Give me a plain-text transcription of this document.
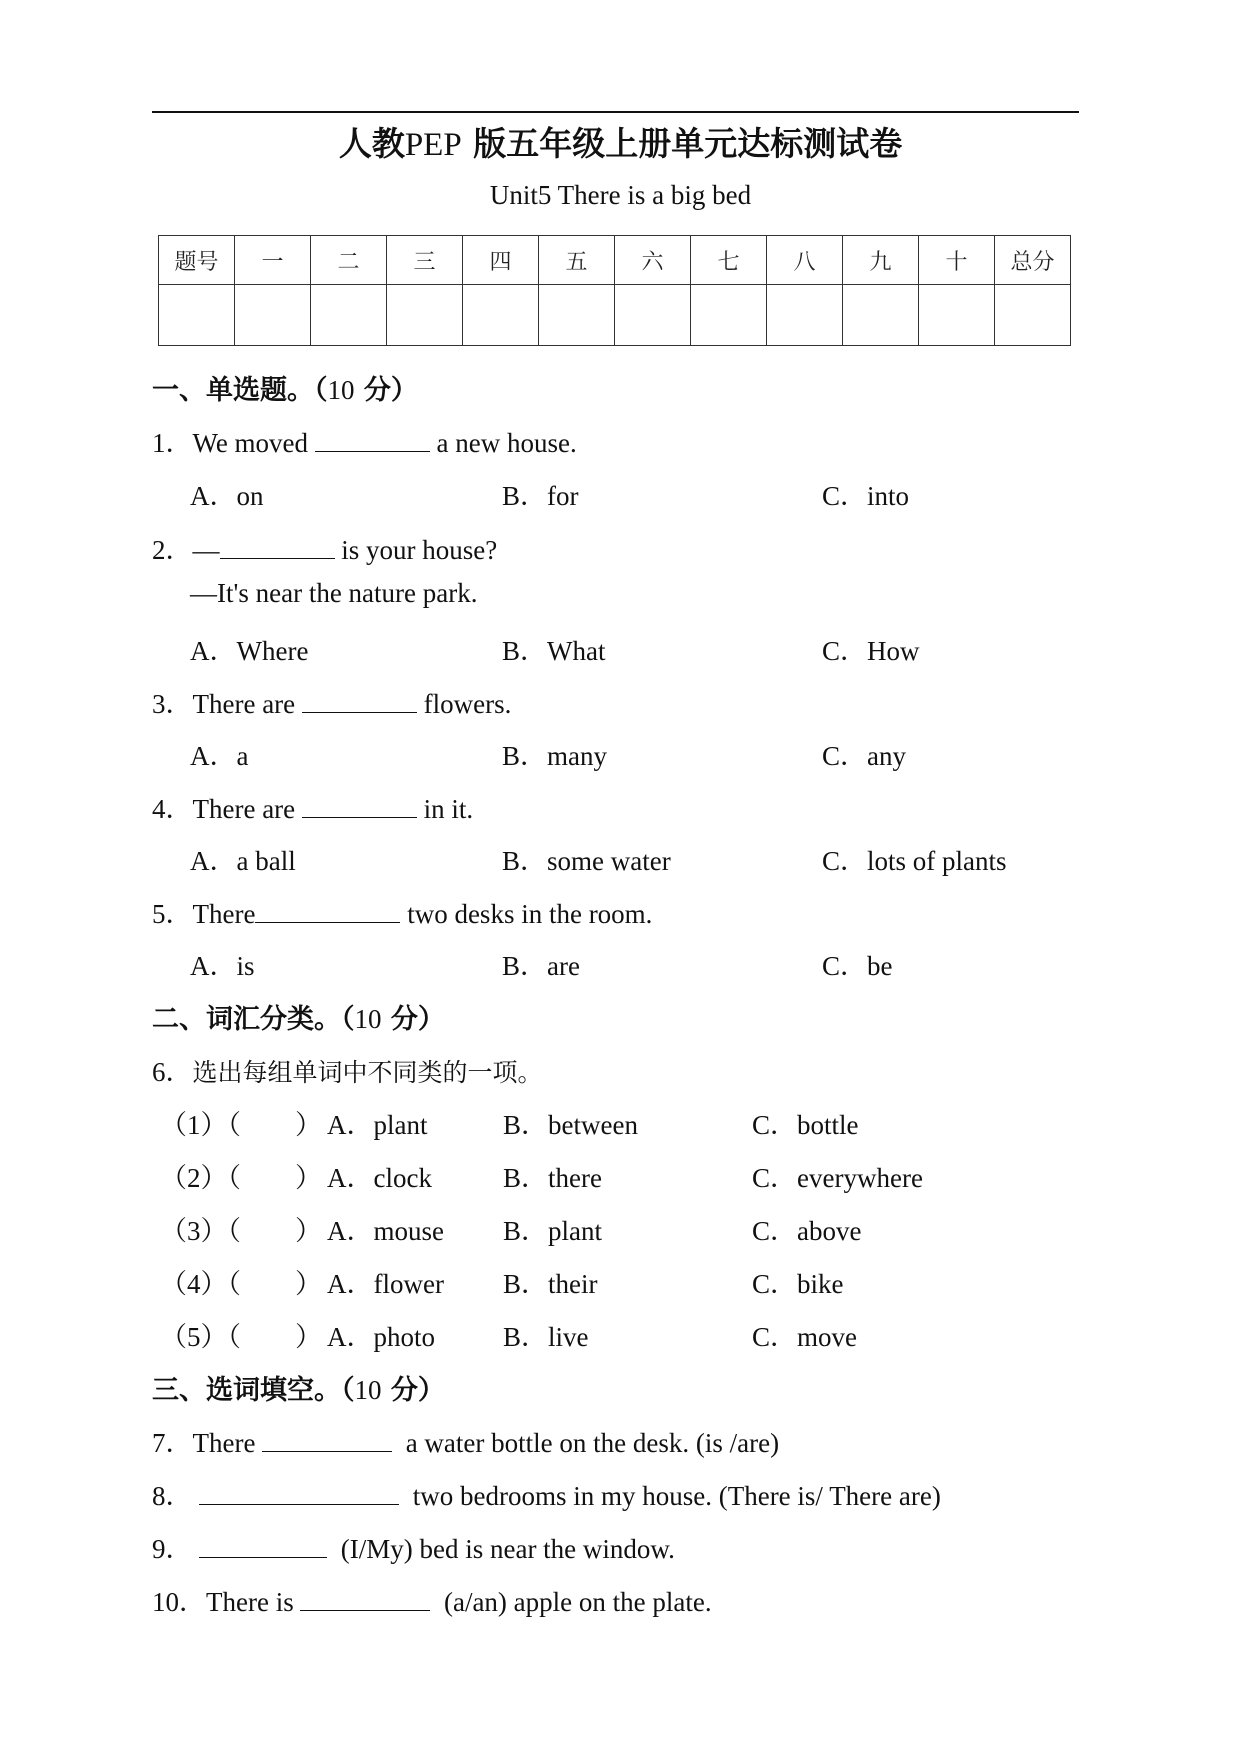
人教PEP 版五年级上册单元达标测试卷
Unit5 There is a big bed
题号	一	二	三	四	五	六	七	八	九	十	总分

一、单选题。（10 分）
1．We moved	a new house.
A．on	B．for	C．into
2．—	is your house?
—It's near the nature park.
A．Where	B．What	C．How
3．There are	flowers.
A．a	B．many	C．any
4．There are	in it.
A．a ball	B．some water	C．lots of plants
5．There	two desks in the room.
A．is	B．are	C．be
二、词汇分类。（10 分）
6．选出每组单词中不同类的一项。
（1）（　　） A．plant	B．between	C．bottle
（2）（　　） A．clock	B．there	C．everywhere
（3）（　　） A．mouse B．plant	C．above
（4）（　　） A．flower B．their	C．bike
（5）（　　） A．photo	B．live	C．move
三、选词填空。（10 分）
7．There	a water bottle on the desk. (is /are)
8．	two bedrooms in my house. (There is/ There are)
9．	(I/My) bed is near the window.
10．There is	(a/an) apple on the plate.
